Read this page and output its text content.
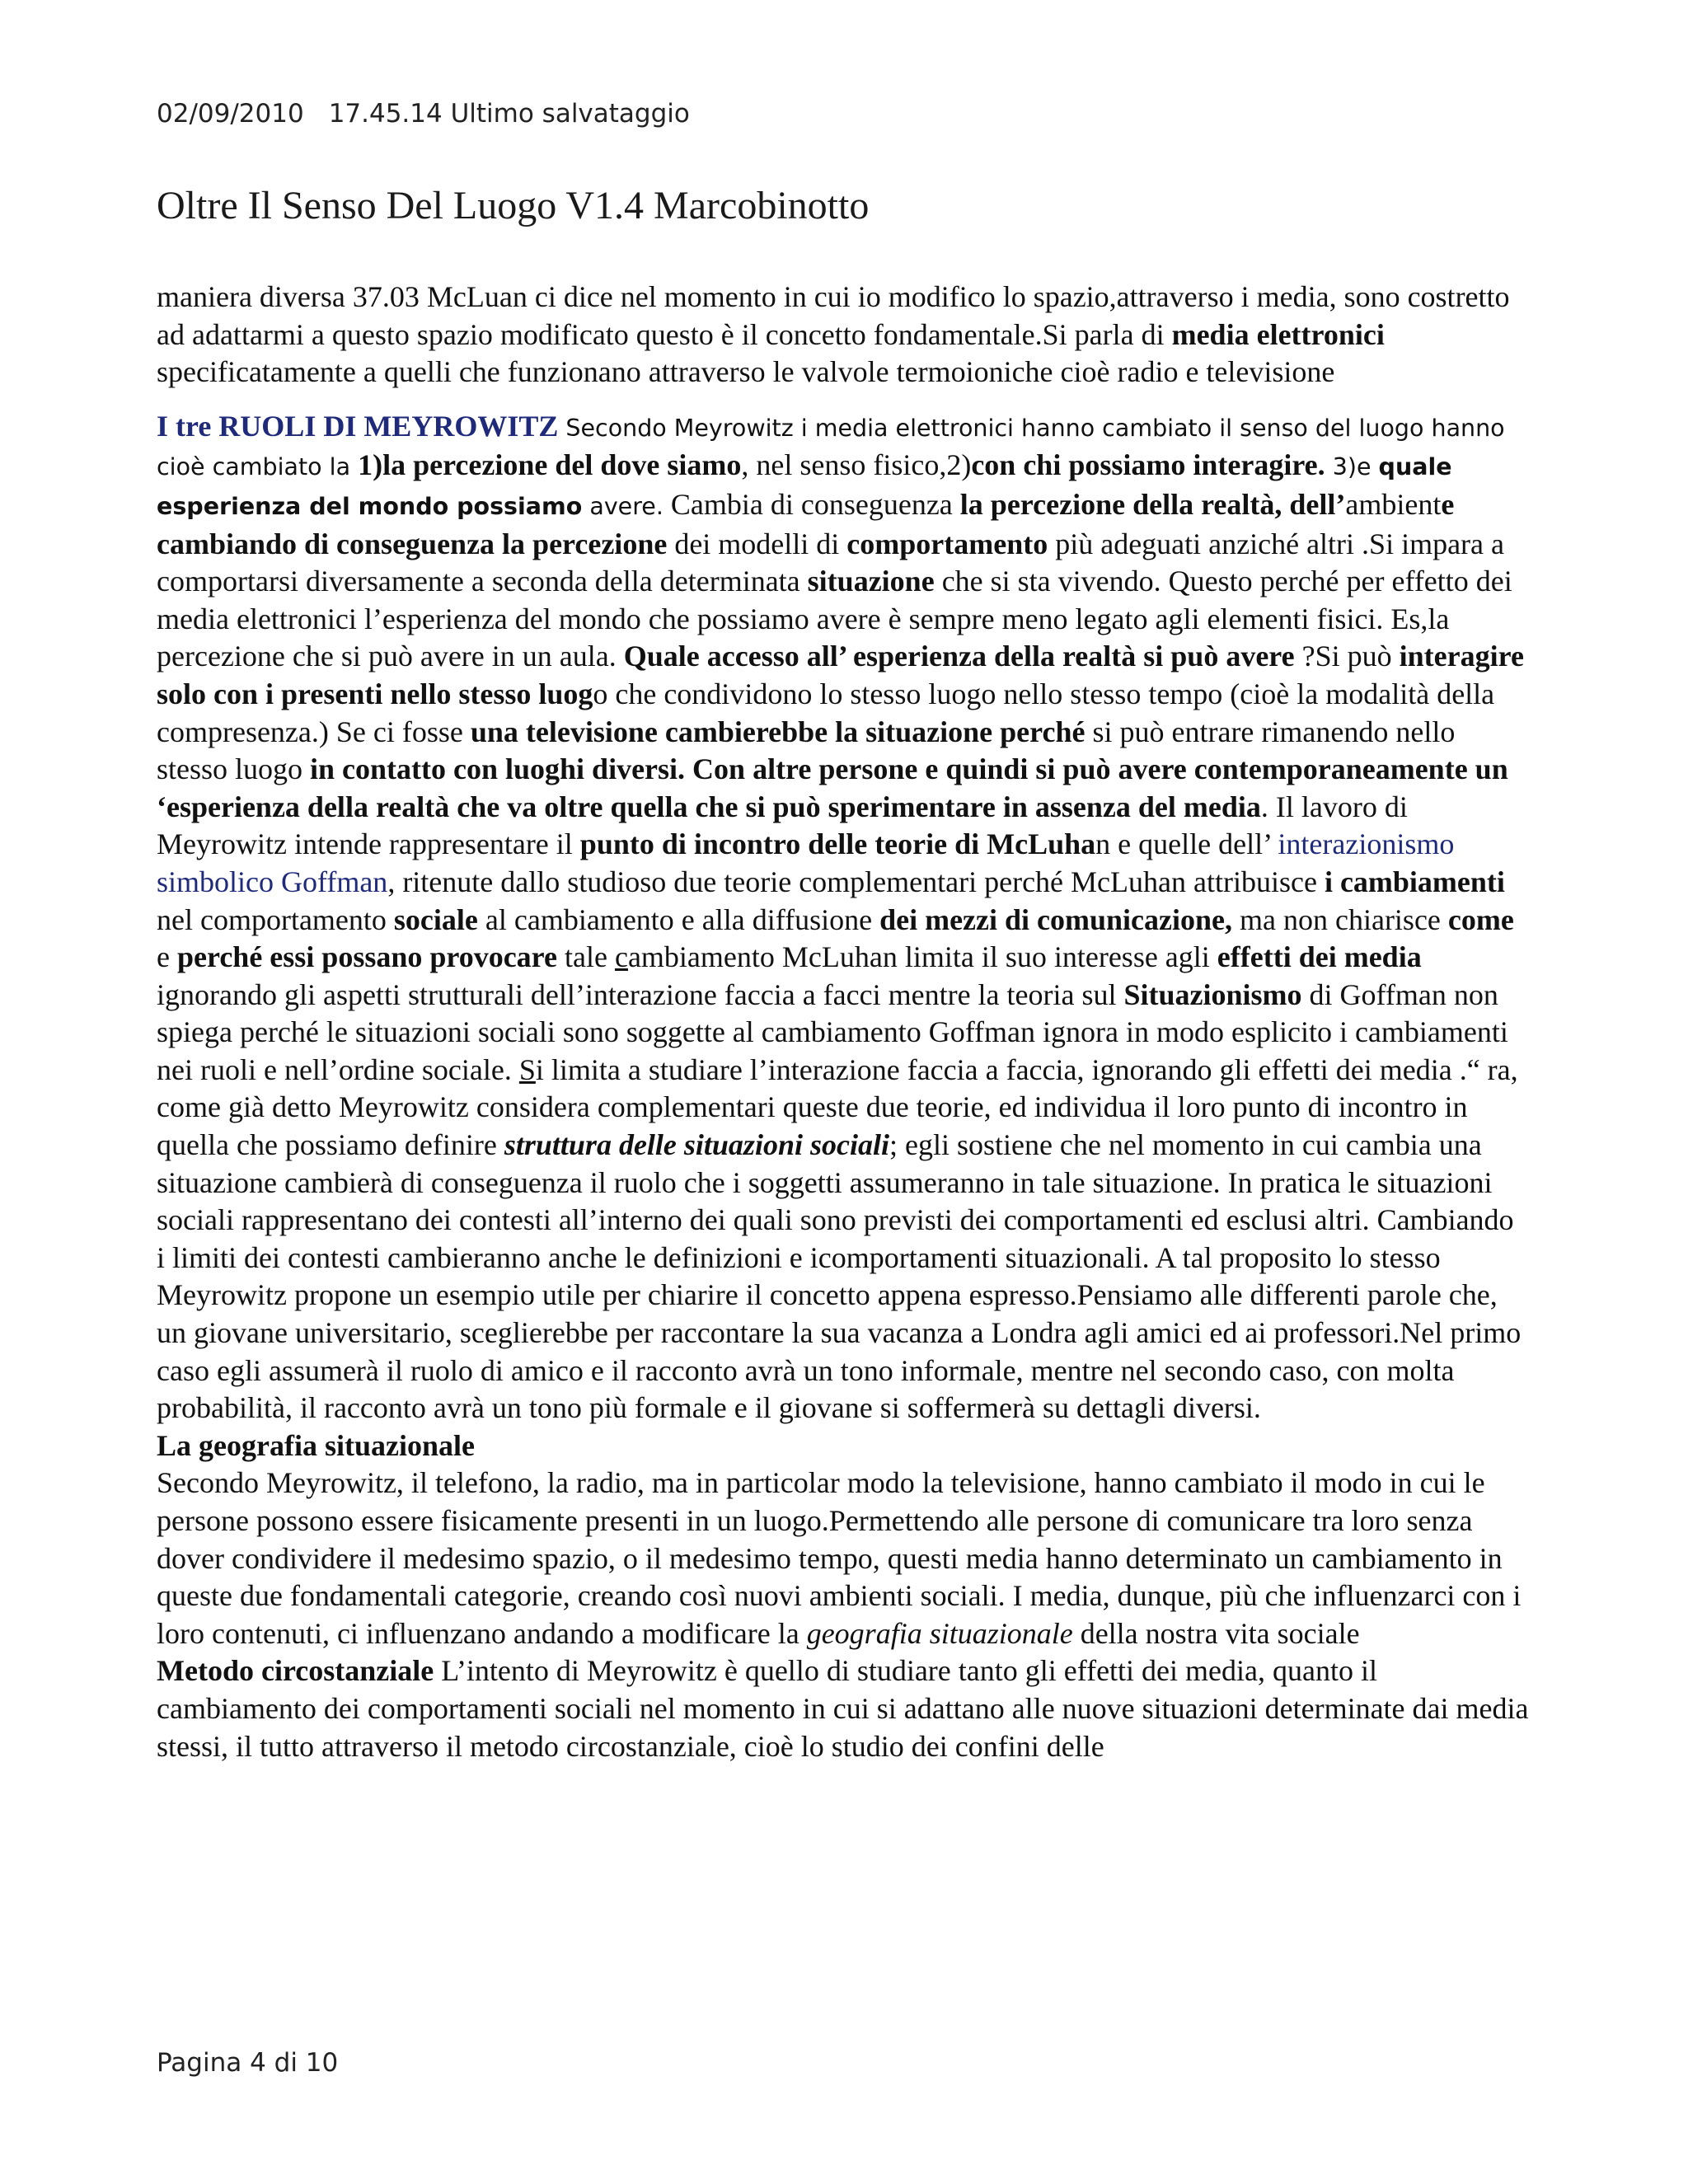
02/09/2010 17.45.14 Ultimo salvataggio
Oltre Il Senso Del Luogo V1.4 Marcobinotto

maniera diversa 37.03 McLuan ci dice nel momento in cui io modifico lo spazio,attraverso i media, sono costretto ad adattarmi a questo spazio modificato questo è il concetto fondamentale.Si parla di media elettronici specificatamente a quelli che funzionano attraverso le valvole termoioniche cioè radio e televisione

I tre RUOLI DI MEYROWITZ Secondo Meyrowitz i media elettronici hanno cambiato il senso del luogo hanno cioè cambiato la 1)la percezione del dove siamo, nel senso fisico,2)con chi possiamo interagire. 3)e quale esperienza del mondo possiamo avere. Cambia di conseguenza la percezione della realtà, dell’ambiente cambiando di conseguenza la percezione dei modelli di comportamento più adeguati anziché altri .Si impara a comportarsi diversamente a seconda della determinata situazione che si sta vivendo. Questo perché per effetto dei media elettronici l’esperienza del mondo che possiamo avere è sempre meno legato agli elementi fisici. Es,la percezione che si può avere in un aula. Quale accesso all’ esperienza della realtà si può avere ?Si può interagire solo con i presenti nello stesso luogo che condividono lo stesso luogo nello stesso tempo (cioè la modalità della compresenza.) Se ci fosse una televisione cambierebbe la situazione perché si può entrare rimanendo nello stesso luogo in contatto con luoghi diversi. Con altre persone e quindi si può avere contemporaneamente un ‘esperienza della realtà che va oltre quella che si può sperimentare in assenza del media. Il lavoro di Meyrowitz intende rappresentare il punto di incontro delle teorie di McLuhan e quelle dell’ interazionismo simbolico Goffman, ritenute dallo studioso due teorie complementari perché McLuhan attribuisce i cambiamenti nel comportamento sociale al cambiamento e alla diffusione dei mezzi di comunicazione, ma non chiarisce come e perché essi possano provocare tale cambiamento McLuhan limita il suo interesse agli effetti dei media ignorando gli aspetti strutturali dell’interazione faccia a facci mentre la teoria sul Situazionismo di Goffman non spiega perché le situazioni sociali sono soggette al cambiamento Goffman ignora in modo esplicito i cambiamenti nei ruoli e nell’ordine sociale. Si limita a studiare l’interazione faccia a faccia, ignorando gli effetti dei media .“ ra, come già detto Meyrowitz considera complementari queste due teorie, ed individua il loro punto di incontro in quella che possiamo definire struttura delle situazioni sociali; egli sostiene che nel momento in cui cambia una situazione cambierà di conseguenza il ruolo che i soggetti assumeranno in tale situazione. In pratica le situazioni sociali rappresentano dei contesti all’interno dei quali sono previsti dei comportamenti ed esclusi altri. Cambiando i limiti dei contesti cambieranno anche le definizioni e icomportamenti situazionali. A tal proposito lo stesso Meyrowitz propone un esempio utile per chiarire il concetto appena espresso.Pensiamo alle differenti parole che, un giovane universitario, sceglierebbe per raccontare la sua vacanza a Londra agli amici ed ai professori.Nel primo caso egli assumerà il ruolo di amico e il racconto avrà un tono informale, mentre nel secondo caso, con molta probabilità, il racconto avrà un tono più formale e il giovane si soffermerà su dettagli diversi.

La geografia situazionale

Secondo Meyrowitz, il telefono, la radio, ma in particolar modo la televisione, hanno cambiato il modo in cui le persone possono essere fisicamente presenti in un luogo.Permettendo alle persone di comunicare tra loro senza dover condividere il medesimo spazio, o il medesimo tempo, questi media hanno determinato un cambiamento in queste due fondamentali categorie, creando così nuovi ambienti sociali. I media, dunque, più che influenzarci con i loro contenuti, ci influenzano andando a modificare la geografia situazionale della nostra vita sociale

Metodo circostanziale L’intento di Meyrowitz è quello di studiare tanto gli effetti dei media, quanto il cambiamento dei comportamenti sociali nel momento in cui si adattano alle nuove situazioni determinate dai media stessi, il tutto attraverso il metodo circostanziale, cioè lo studio dei confini delle

Pagina 4 di 10
